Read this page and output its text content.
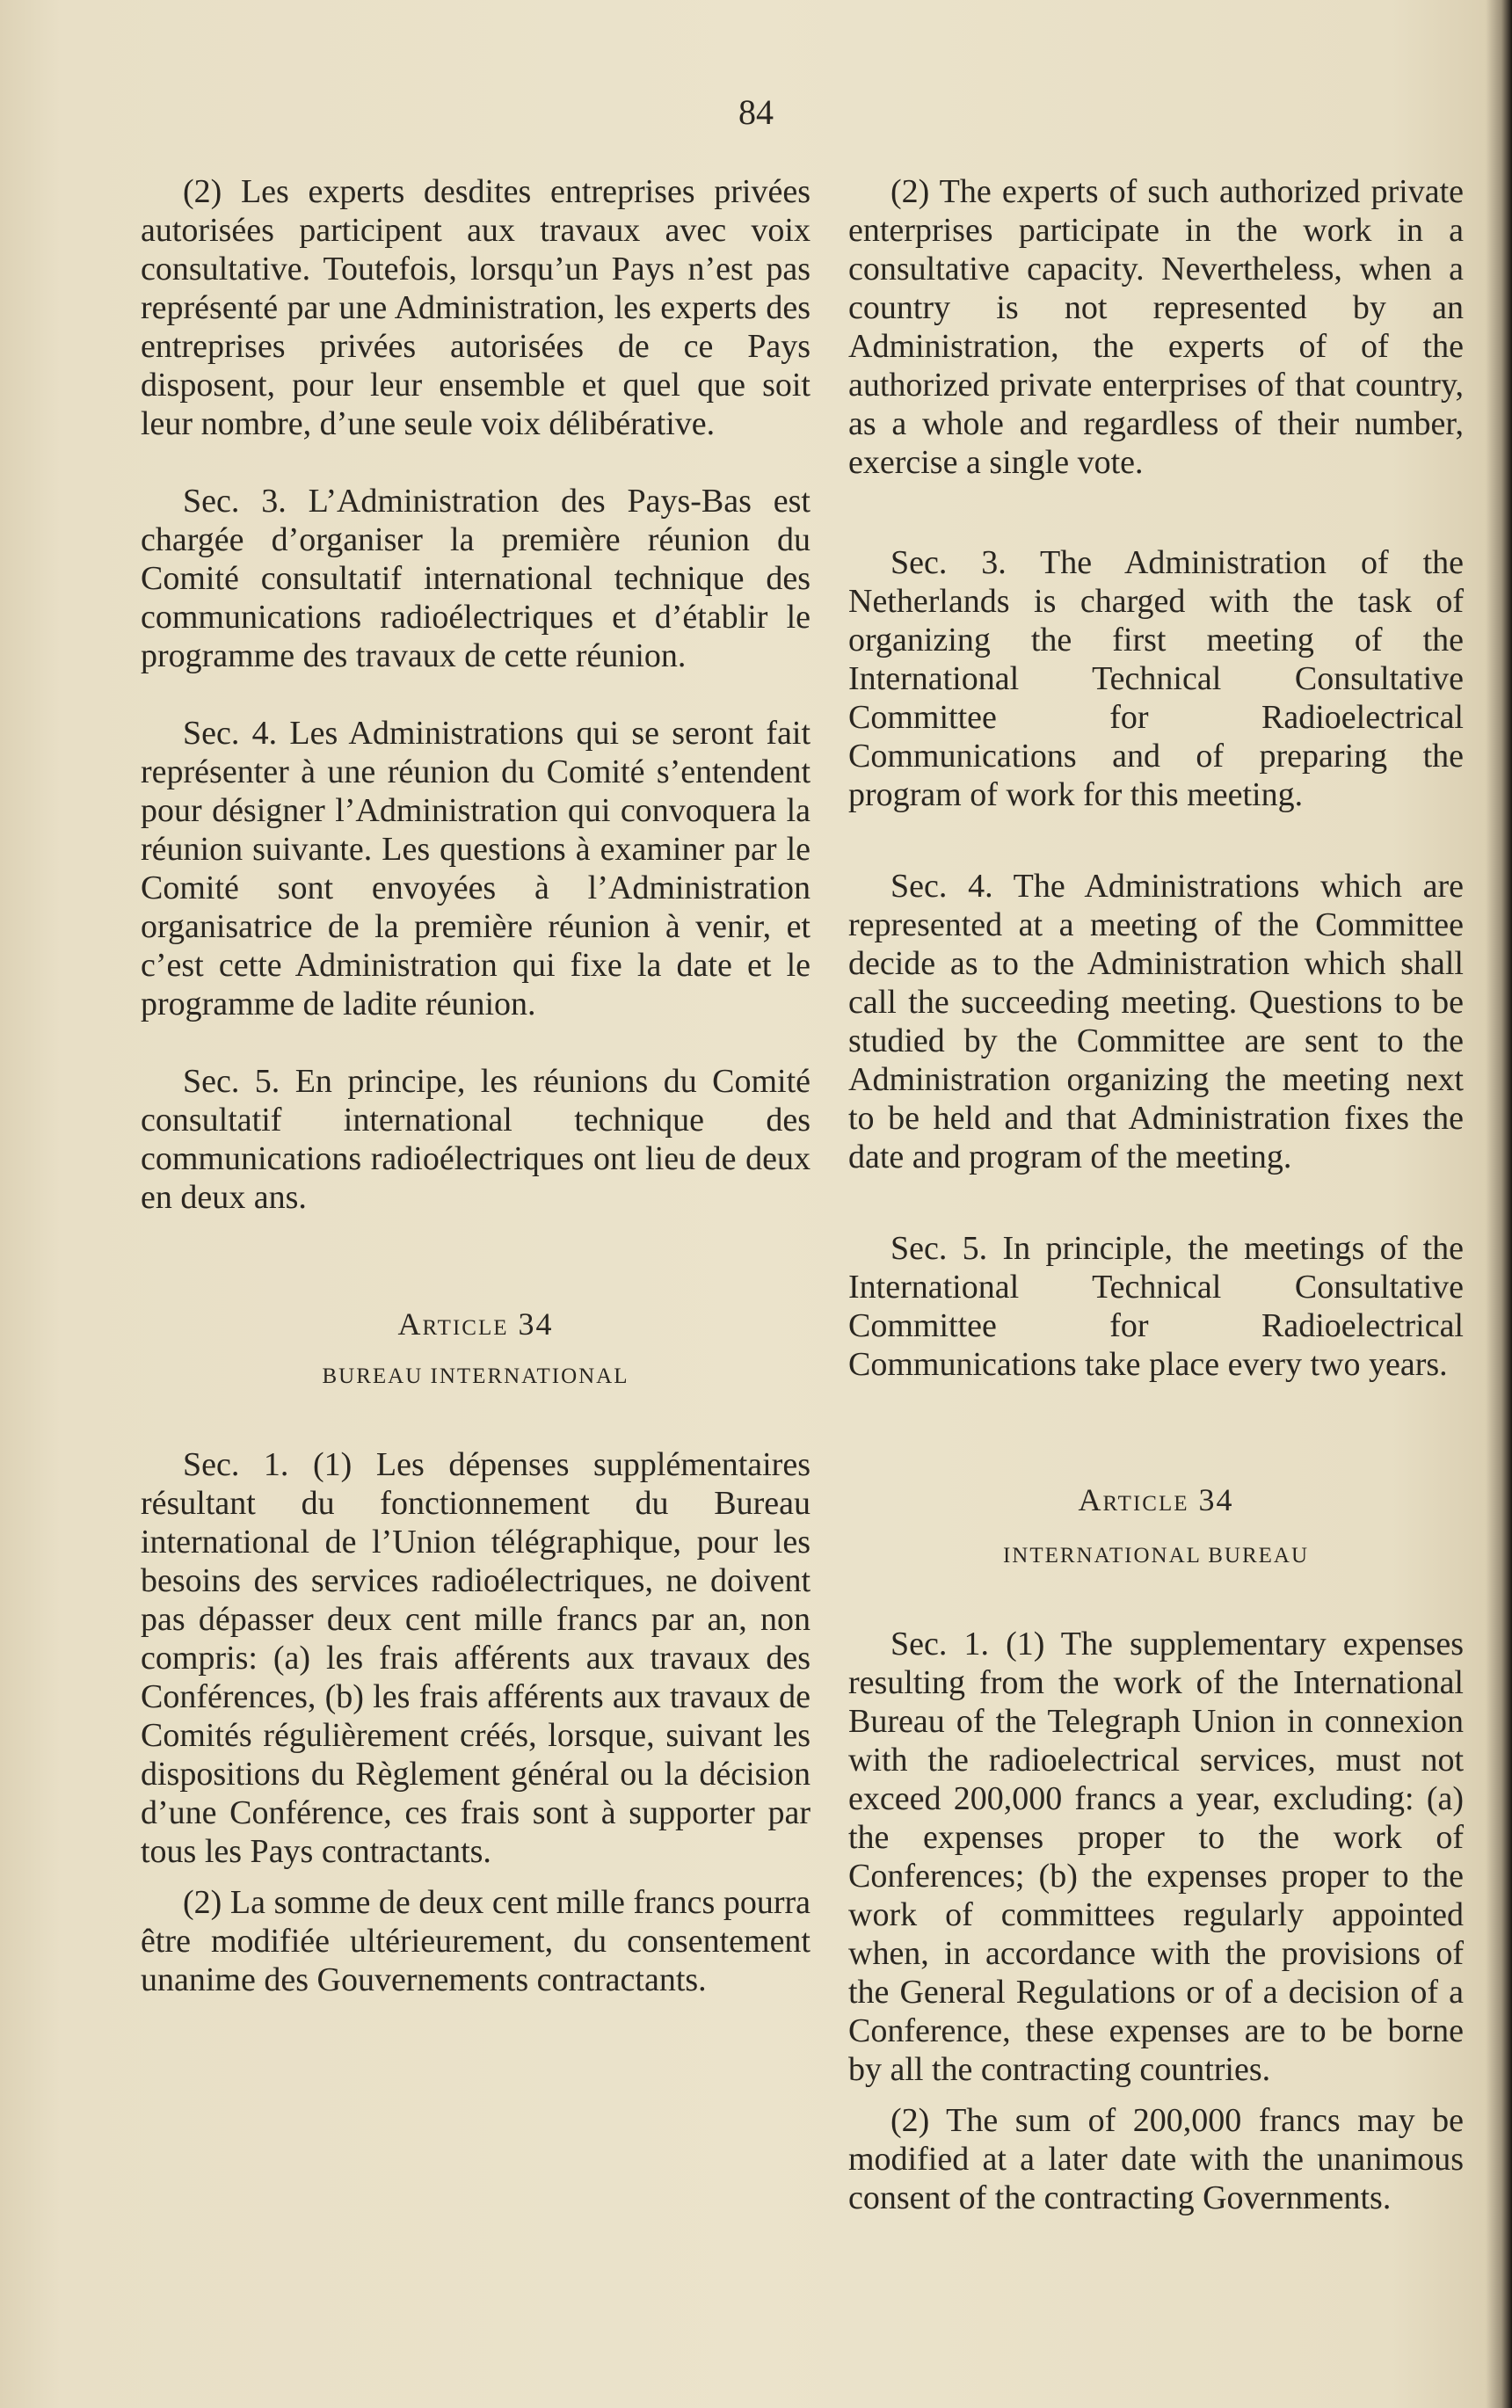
84

(2) Les experts desdites entreprises privées autorisées participent aux travaux avec voix consultative. Toutefois, lorsqu’un Pays n’est pas représenté par une Administration, les experts des entreprises privées autorisées de ce Pays disposent, pour leur ensemble et quel que soit leur nombre, d’une seule voix délibérative.

Sec. 3. L’Administration des Pays-Bas est chargée d’organiser la première réunion du Comité consultatif international technique des communications radioélectriques et d’établir le programme des travaux de cette réunion.

Sec. 4. Les Administrations qui se seront fait représenter à une réunion du Comité s’entendent pour désigner l’Administration qui convoquera la réunion suivante. Les questions à examiner par le Comité sont envoyées à l’Administration organisatrice de la première réunion à venir, et c’est cette Administration qui fixe la date et le programme de ladite réunion.

Sec. 5. En principe, les réunions du Comité consultatif international technique des communications radioélectriques ont lieu de deux en deux ans.

Article 34

BUREAU INTERNATIONAL

Sec. 1. (1) Les dépenses supplémentaires résultant du fonctionnement du Bureau international de l’Union télégraphique, pour les besoins des services radioélectriques, ne doivent pas dépasser deux cent mille francs par an, non compris: (a) les frais afférents aux travaux des Conférences, (b) les frais afférents aux travaux de Comités régulièrement créés, lorsque, suivant les dispositions du Règlement général ou la décision d’une Conférence, ces frais sont à supporter par tous les Pays contractants.

(2) La somme de deux cent mille francs pourra être modifiée ultérieurement, du consentement unanime des Gouvernements contractants.

(2) The experts of such authorized private enterprises participate in the work in a consultative capacity. Nevertheless, when a country is not represented by an Administration, the experts of of the authorized private enterprises of that country, as a whole and regardless of their number, exercise a single vote.

Sec. 3. The Administration of the Netherlands is charged with the task of organizing the first meeting of the International Technical Consultative Committee for Radioelectrical Communications and of preparing the program of work for this meeting.

Sec. 4. The Administrations which are represented at a meeting of the Committee decide as to the Administration which shall call the succeeding meeting. Questions to be studied by the Committee are sent to the Administration organizing the meeting next to be held and that Administration fixes the date and program of the meeting.

Sec. 5. In principle, the meetings of the International Technical Consultative Committee for Radioelectrical Communications take place every two years.

Article 34

INTERNATIONAL BUREAU

Sec. 1. (1) The supplementary expenses resulting from the work of the International Bureau of the Telegraph Union in connexion with the radioelectrical services, must not exceed 200,000 francs a year, excluding: (a) the expenses proper to the work of Conferences; (b) the expenses proper to the work of committees regularly appointed when, in accordance with the provisions of the General Regulations or of a decision of a Conference, these expenses are to be borne by all the contracting countries.

(2) The sum of 200,000 francs may be modified at a later date with the unanimous consent of the contracting Governments.
